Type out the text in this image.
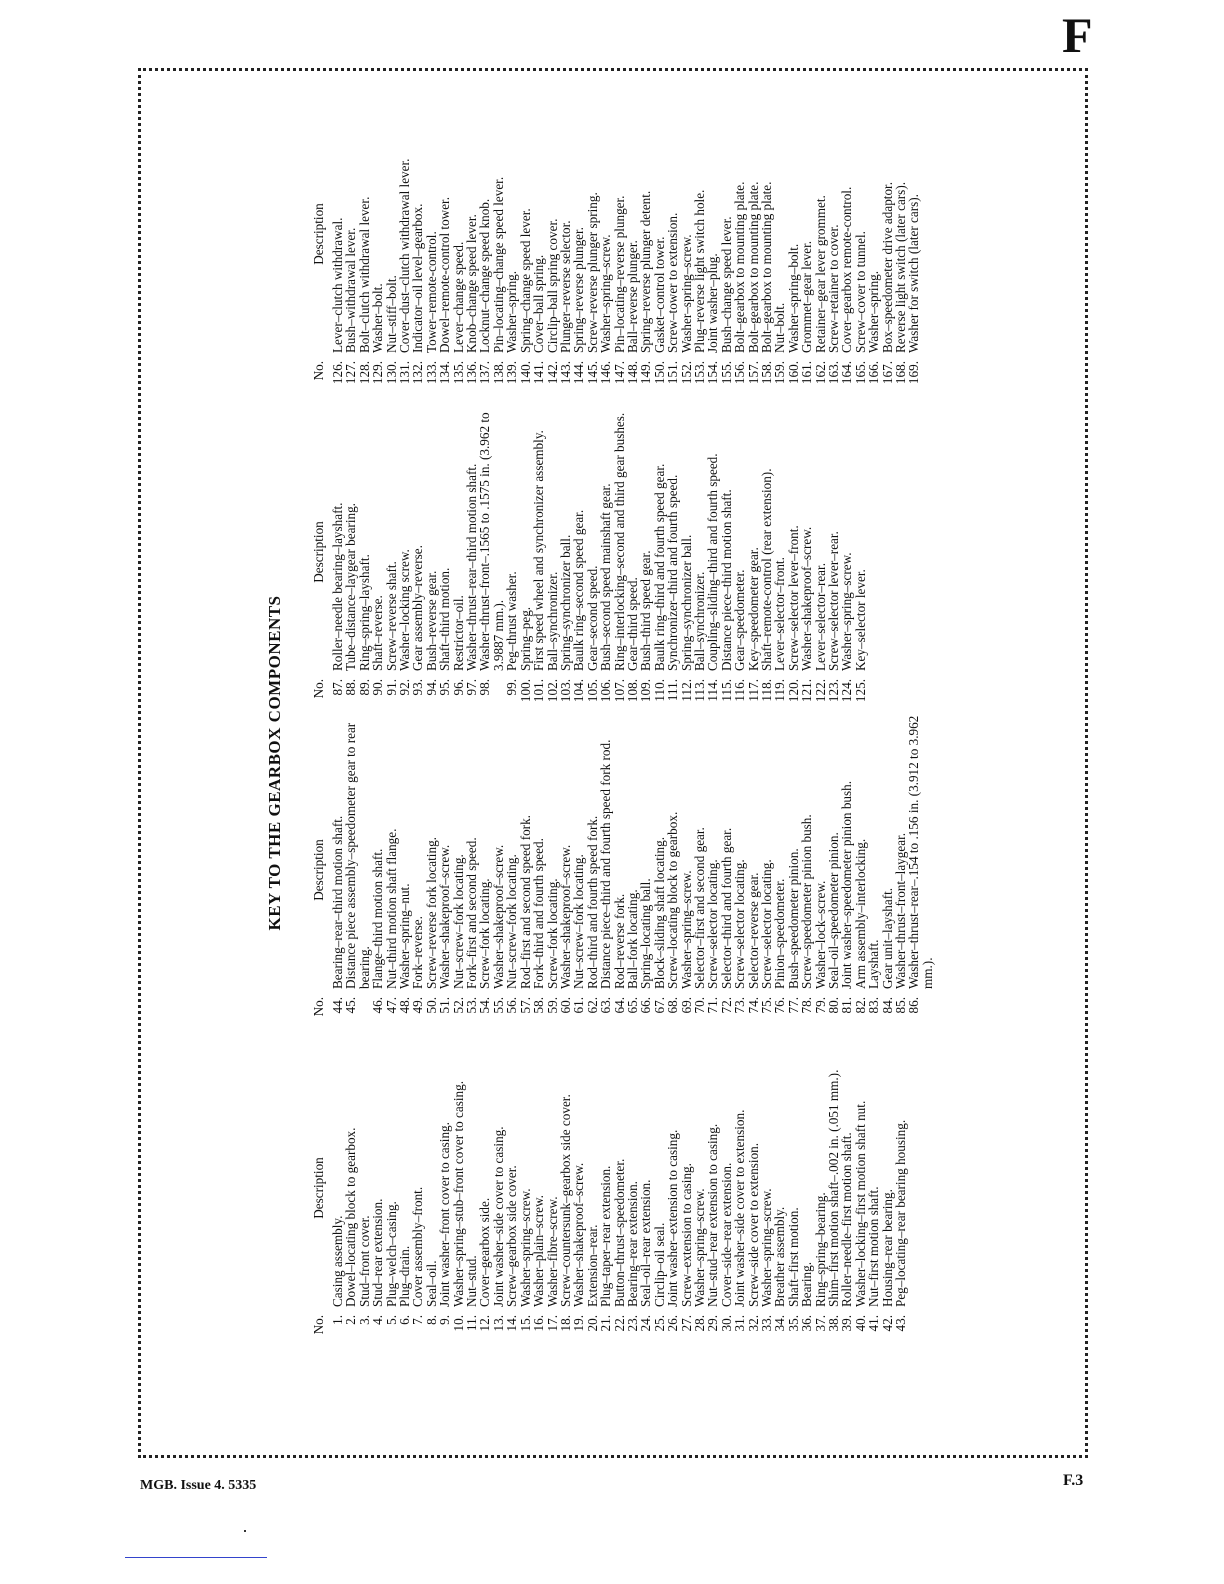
F
KEY TO THE GEARBOX COMPONENTS
No.
Description
1.
Casing assembly.
2.
Dowel–locating block to gearbox.
3.
Stud–front cover.
4.
Stud–rear extension.
5.
Plug–welch–casing.
6.
Plug–drain.
7.
Cover assembly–front.
8.
Seal–oil.
9.
Joint washer–front cover to casing.
10.
Washer–spring–stub–front cover to casing.
11.
Nut–stud.
12.
Cover–gearbox side.
13.
Joint washer–side cover to casing.
14.
Screw–gearbox side cover.
15.
Washer–spring–screw.
16.
Washer–plain–screw.
17.
Washer–fibre–screw.
18.
Screw–countersunk–gearbox side cover.
19.
Washer–shakeproof–screw.
20.
Extension–rear.
21.
Plug–taper–rear extension.
22.
Button–thrust–speedometer.
23.
Bearing–rear extension.
24.
Seal–oil–rear extension.
25.
Circlip–oil seal.
26.
Joint washer–extension to casing.
27.
Screw–extension to casing.
28.
Washer–spring–screw.
29.
Nut–stud–rear extension to casing.
30.
Cover–side–rear extension.
31.
Joint washer–side cover to extension.
32.
Screw–side cover to extension.
33.
Washer–spring–screw.
34.
Breather assembly.
35.
Shaft–first motion.
36.
Bearing.
37.
Ring–spring–bearing.
38.
Shim–first motion shaft–.002 in. (.051 mm.).
39.
Roller–needle–first motion shaft.
40.
Washer–locking–first motion shaft nut.
41.
Nut–first motion shaft.
42.
Housing–rear bearing.
43.
Peg–locating–rear bearing housing.
No.
Description
44.
Bearing–rear–third motion shaft.
45.
Distance piece assembly–speedometer gear to rear bearing.
46.
Flange–third motion shaft.
47.
Nut–third motion shaft flange.
48.
Washer–spring–nut.
49.
Fork–reverse.
50.
Screw–reverse fork locating.
51.
Washer–shakeproof–screw.
52.
Nut–screw–fork locating.
53.
Fork–first and second speed.
54.
Screw–fork locating.
55.
Washer–shakeproof–screw.
56.
Nut–screw–fork locating.
57.
Rod–first and second speed fork.
58.
Fork–third and fourth speed.
59.
Screw–fork locating.
60.
Washer–shakeproof–screw.
61.
Nut–screw–fork locating.
62.
Rod–third and fourth speed fork.
63.
Distance piece–third and fourth speed fork rod.
64.
Rod–reverse fork.
65.
Ball–fork locating.
66.
Spring–locating ball.
67.
Block–sliding shaft locating.
68.
Screw–locating block to gearbox.
69.
Washer–spring–screw.
70.
Selector–first and second gear.
71.
Screw–selector locating.
72.
Selector–third and fourth gear.
73.
Screw–selector locating.
74.
Selector–reverse gear.
75.
Screw–selector locating.
76.
Pinion–speedometer.
77.
Bush–speedometer pinion.
78.
Screw–speedometer pinion bush.
79.
Washer–lock–screw.
80.
Seal–oil–speedometer pinion.
81.
Joint washer–speedometer pinion bush.
82.
Arm assembly–interlocking.
83.
Layshaft.
84.
Gear unit–layshaft.
85.
Washer–thrust–front–laygear.
86.
Washer–thrust–rear–.154 to .156 in. (3.912 to 3.962 mm.).
No.
Description
87.
Roller–needle bearing–layshaft.
88.
Tube–distance–laygear bearing.
89.
Ring–spring–layshaft.
90.
Shaft–reverse.
91.
Screw–reverse shaft.
92.
Washer–locking screw.
93.
Gear assembly–reverse.
94.
Bush–reverse gear.
95.
Shaft–third motion.
96.
Restrictor–oil.
97.
Washer–thrust–rear–third motion shaft.
98.
Washer–thrust–front–.1565 to .1575 in. (3.962 to 3.9887 mm.).
99.
Peg–thrust washer.
100.
Spring–peg.
101.
First speed wheel and synchronizer assembly.
102.
Ball–synchronizer.
103.
Spring–synchronizer ball.
104.
Baulk ring–second speed gear.
105.
Gear–second speed.
106.
Bush–second speed mainshaft gear.
107.
Ring–interlocking–second and third gear bushes.
108.
Gear–third speed.
109.
Bush–third speed gear.
110.
Baulk ring–third and fourth speed gear.
111.
Synchronizer–third and fourth speed.
112.
Spring–synchronizer ball.
113.
Ball–synchronizer.
114.
Coupling–sliding–third and fourth speed.
115.
Distance piece–third motion shaft.
116.
Gear–speedometer.
117.
Key–speedometer gear.
118.
Shaft–remote-control (rear extension).
119.
Lever–selector–front.
120.
Screw–selector lever–front.
121.
Washer–shakeproof–screw.
122.
Lever–selector–rear.
123.
Screw–selector lever–rear.
124.
Washer–spring–screw.
125.
Key–selector lever.
No.
Description
126.
Lever–clutch withdrawal.
127.
Bush–withdrawal lever.
128.
Bolt–clutch withdrawal lever.
129.
Washer–bolt.
130.
Nut–stiff–bolt.
131.
Cover–dust–clutch withdrawal lever.
132.
Indicator–oil level–gearbox.
133.
Tower–remote-control.
134.
Dowel–remote-control tower.
135.
Lever–change speed.
136.
Knob–change speed lever.
137.
Locknut–change speed knob.
138.
Pin–locating–change speed lever.
139.
Washer–spring.
140.
Spring–change speed lever.
141.
Cover–ball spring.
142.
Circlip–ball spring cover.
143.
Plunger–reverse selector.
144.
Spring–reverse plunger.
145.
Screw–reverse plunger spring.
146.
Washer–spring–screw.
147.
Pin–locating–reverse plunger.
148.
Ball–reverse plunger.
149.
Spring–reverse plunger detent.
150.
Gasket–control tower.
151.
Screw–tower to extension.
152.
Washer–spring–screw.
153.
Plug–reverse light switch hole.
154.
Joint washer–plug.
155.
Bush–change speed lever.
156.
Bolt–gearbox to mounting plate.
157.
Bolt–gearbox to mounting plate.
158.
Bolt–gearbox to mounting plate.
159.
Nut–bolt.
160.
Washer–spring–bolt.
161.
Grommet–gear lever.
162.
Retainer–gear lever grommet.
163.
Screw–retainer to cover.
164.
Cover–gearbox remote-control.
165.
Screw–cover to tunnel.
166.
Washer–spring.
167.
Box–speedometer drive adaptor.
168.
Reverse light switch (later cars).
169.
Washer for switch (later cars).
MGB. Issue 4. 5335	F.3
